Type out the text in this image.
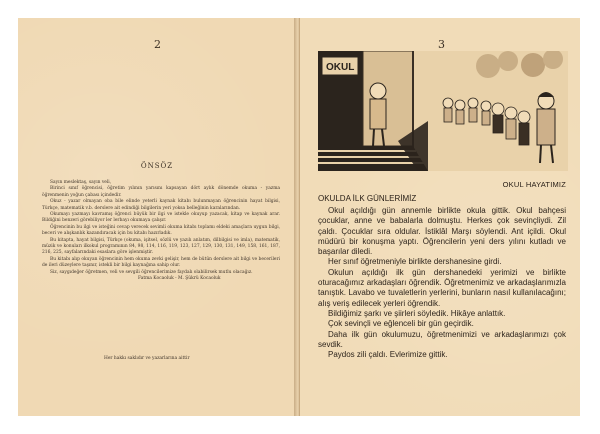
2
ÖNSÖZ

Sayın meslektaş, sayın veli,

Birinci sınıf öğrencisi, öğretim yılının yarısını kapsayan dört aylık dönemde okuma - yazma öğrenmenin yoğun çabası içindedir.

Okuz - yazar olmayan oba bile elinde yeterli kaynak kitabı bulunmayan öğrencinin hayat bilgisi, Türkçe, matematik v.b. derslere ait edindiği bilgilerin yeri yoksa belleğinin karalarından.

Okumayı yazmayı kavramış öğrenci büyük bir ilgi ve istekle okuyup yazacak, kitap ve kaynak arar. Bildiğini benzeri görebiliyor ler lerbayı okumaya çalışır.

Öğrencinin bu ilgi ve isteğini cevap verecek sevimli okuma kitabı toplamı eldeki amaçlara uygun bilgi, beceri ve alışkanlık kazandıracak için bu kitabı hazırladık.

Bu kitapta, hayat bilgisi, Türkçe (okuma, işitsel, sözlü ve yazılı anlatım, dilbilgisi ve imla), matematik, müzik ve konuları ilkokul programının 84, 98, 114, 116, 119, 123, 127, 129, 130, 131, 149, 158, 161, 187, 216, 225, sayfalarındaki esaslara göre işlenmiştir.

Bu kitabı alıp okuyan öğrencinin hem okuma zevki gelişir, hem de bütün derslere ait bilgi ve becerileri de ileri düzeylere taşınır, istekli bir bilgi kaynağına sahip olur.

Siz, saygıdeğer öğretmen, veli ve sevgili öğrencilerimize faydalı olabilirsek mutlu olacağız.

Fatma Kocaoluk - M. Şükrü Kocaoluk
Her hakkı saklıdır ve yazarlarına aittir
3
OKUL
OKUL HAYATIMIZ
OKULDA İLK GÜNLERİMİZ

Okul açıldığı gün annemle birlikte okula gittik. Okul bahçesi çocuklar, anne ve babalarla dolmuştu. Herkes çok sevinçliydi. Zil çaldı. Çocuklar sıra oldular. İstiklâl Marşı söylendi. Ant içildi. Okul müdürü bir konuşma yaptı. Öğrencilerin yeni ders yılını kutladı ve başarılar diledi.

Her sınıf öğretmeniyle birlikte dershanesine girdi.

Okulun açıldığı ilk gün dershanedeki yerimizi ve birlikte oturacağımız arkadaşları öğrendik. Öğretmenimiz ve arkadaşlarımızla tanıştık. Lavabo ve tuvaletlerin yerlerini, bunların nasıl kullanılacağını; alış veriş edilecek yerleri öğrendik.

Bildiğimiz şarkı ve şiirleri söyledik. Hikâye anlattık.

Çok sevinçli ve eğlenceli bir gün geçirdik.

Daha ilk gün okulumuzu, öğretmenimizi ve arkadaşlarımızı çok sevdik.

Paydos zili çaldı. Evlerimize gittik.
